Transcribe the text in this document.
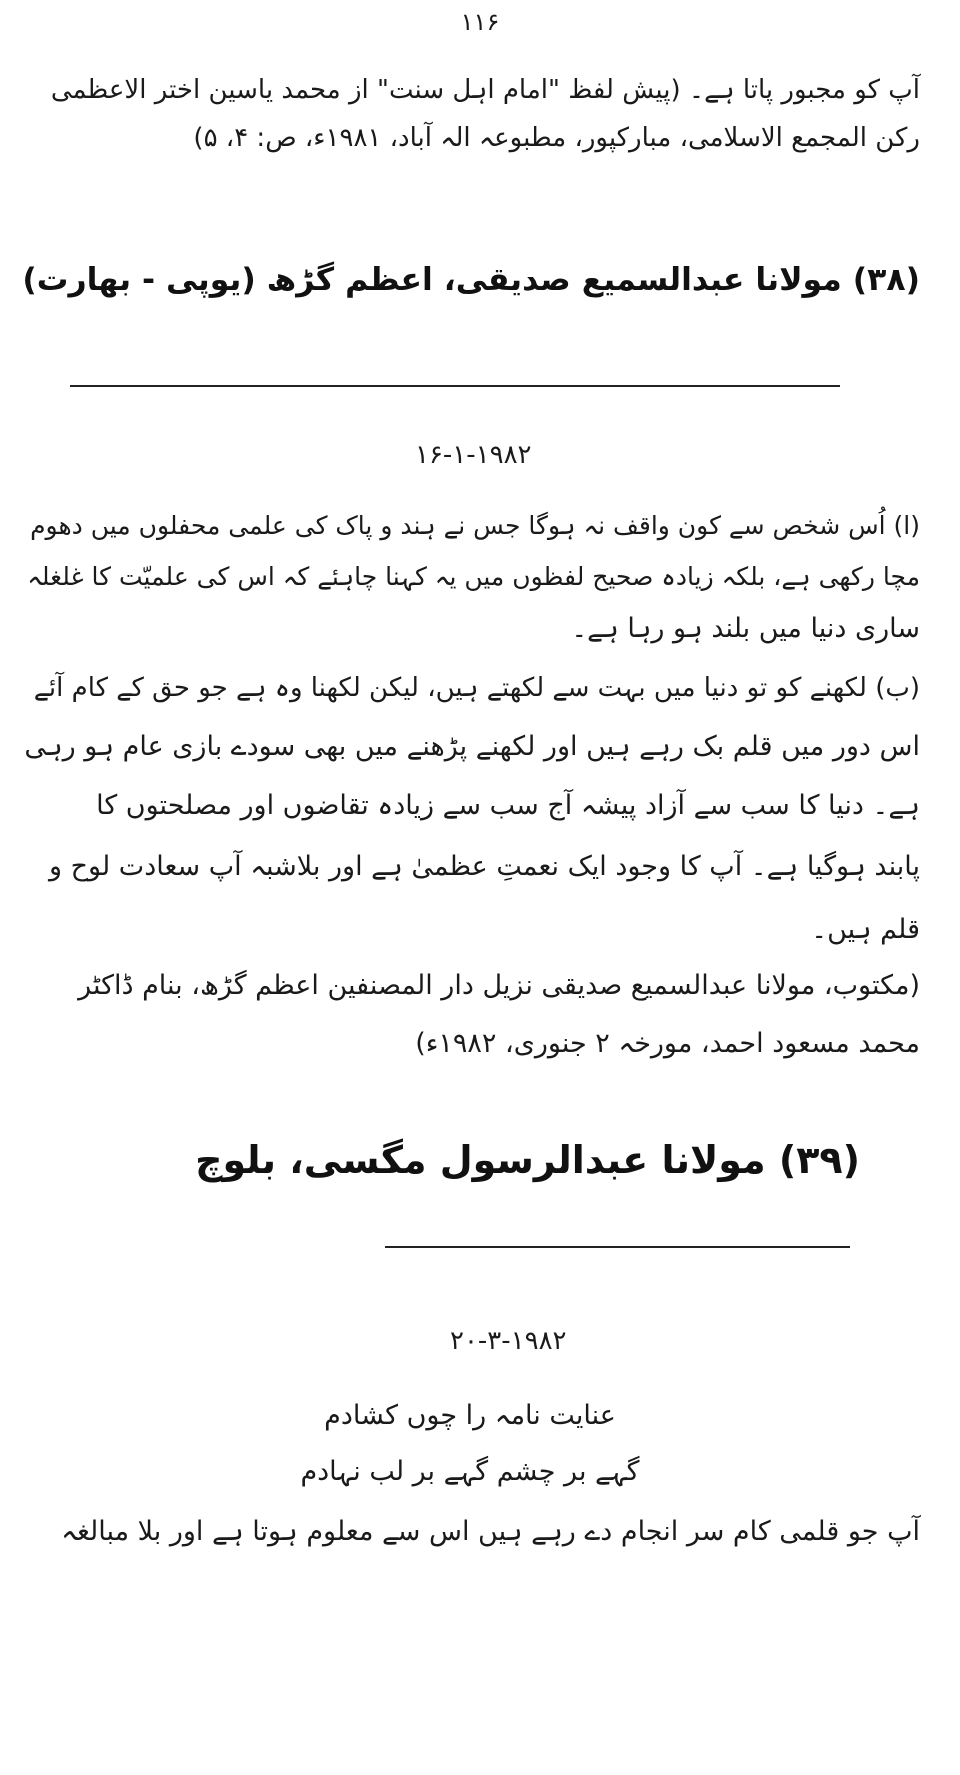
۱۱۶
آپ کو مجبور پاتا ہے۔ (پیش لفظ "امام اہل سنت" از محمد یاسین اختر الاعظمی
رکن المجمع الاسلامی، مبارکپور، مطبوعہ الہ آباد، ۱۹۸۱ء، ص: ۴، ۵)
(۳۸) مولانا عبدالسمیع صدیقی، اعظم گڑھ (یوپی - بھارت)
۱۶-۱-۱۹۸۲
(ا) اُس شخص سے کون واقف نہ ہوگا جس نے ہند و پاک کی علمی محفلوں میں دھوم
مچا رکھی ہے، بلکہ زیادہ صحیح لفظوں میں یہ کہنا چاہئے کہ اس کی علمیّت کا غلغلہ
ساری دنیا میں بلند ہو رہا ہے۔
(ب) لکھنے کو تو دنیا میں بہت سے لکھتے ہیں، لیکن لکھنا وہ ہے جو حق کے کام آئے
اس دور میں قلم بک رہے ہیں اور لکھنے پڑھنے میں بھی سودے بازی عام ہو رہی
ہے۔ دنیا کا سب سے آزاد پیشہ آج سب سے زیادہ تقاضوں اور مصلحتوں کا
پابند ہوگیا ہے۔ آپ کا وجود ایک نعمتِ عظمیٰ ہے اور بلاشبہ آپ سعادت لوح و
قلم ہیں۔
(مکتوب، مولانا عبدالسمیع صدیقی نزیل دار المصنفین اعظم گڑھ، بنام ڈاکٹر
محمد مسعود احمد، مورخہ ۲ جنوری، ۱۹۸۲ء)
(۳۹) مولانا عبدالرسول مگسی، بلوچ
۲۰-۳-۱۹۸۲
عنایت نامہ را چوں کشادم
گہے بر چشم گہے بر لب نہادم
آپ جو قلمی کام سر انجام دے رہے ہیں اس سے معلوم ہوتا ہے اور بلا مبالغہ
